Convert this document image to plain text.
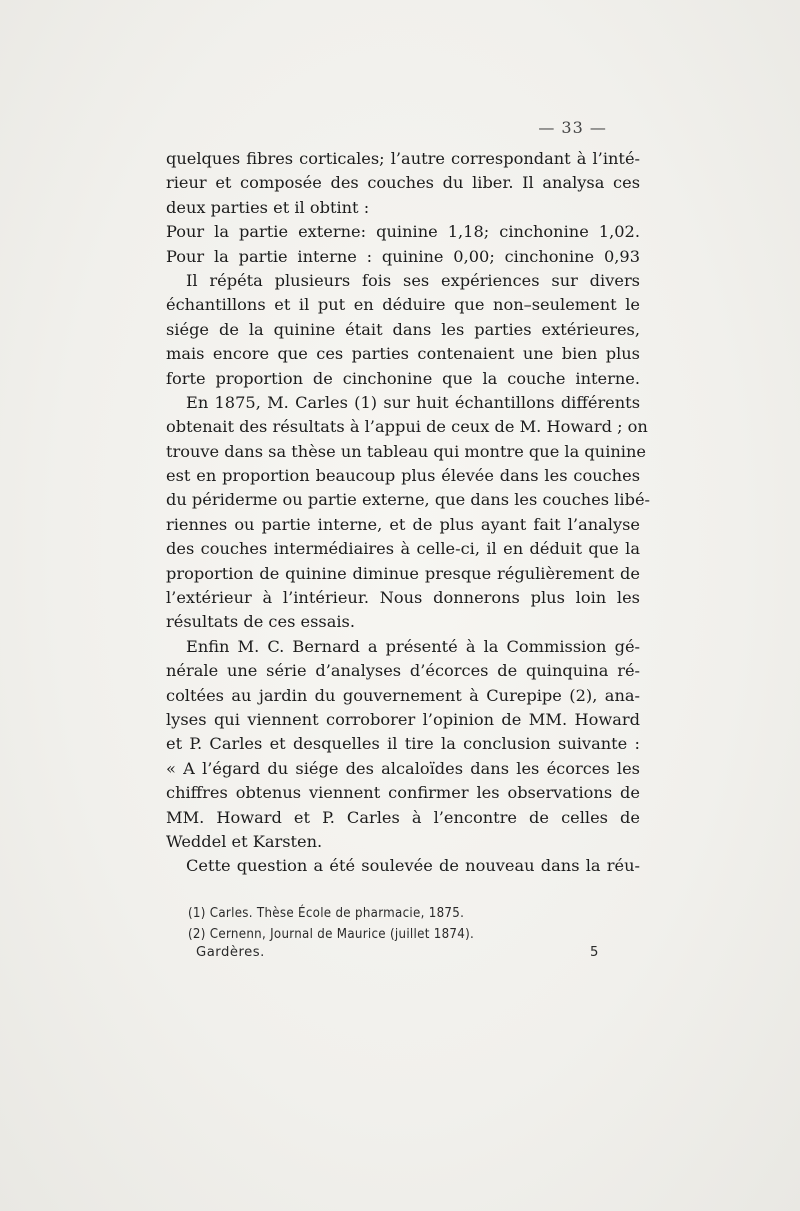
— 33 —
quelques fibres corticales; l’autre correspondant à l’inté-
rieur et composée des couches du liber. Il analysa ces
deux parties et il obtint :
Pour la partie externe: quinine 1,18; cinchonine 1,02.
Pour la partie interne : quinine 0,00; cinchonine 0,93
Il répéta plusieurs fois ses expériences sur divers
échantillons et il put en déduire que non–seulement le
siége de la quinine était dans les parties extérieures,
mais encore que ces parties contenaient une bien plus
forte proportion de cinchonine que la couche interne.
En 1875, M. Carles (1) sur huit échantillons différents
obtenait des résultats à l’appui de ceux de M. Howard ; on
trouve dans sa thèse un tableau qui montre que la quinine
est en proportion beaucoup plus élevée dans les couches
du périderme ou partie externe, que dans les couches libé-
riennes ou partie interne, et de plus ayant fait l’analyse
des couches intermédiaires à celle-ci, il en déduit que la
proportion de quinine diminue presque régulièrement de
l’extérieur à l’intérieur. Nous donnerons plus loin les
résultats de ces essais.
Enfin M. C. Bernard a présenté à la Commission gé-
nérale une série d’analyses d’écorces de quinquina ré-
coltées au jardin du gouvernement à Curepipe (2), ana-
lyses qui viennent corroborer l’opinion de MM. Howard
et P. Carles et desquelles il tire la conclusion suivante :
« A l’égard du siége des alcaloïdes dans les écorces les
chiffres obtenus viennent confirmer les observations de
MM. Howard et P. Carles à l’encontre de celles de
Weddel et Karsten.
Cette question a été soulevée de nouveau dans la réu-
(1) Carles. Thèse École de pharmacie, 1875.
(2) Cernenn, Journal de Maurice (juillet 1874).
Gardères.	5
